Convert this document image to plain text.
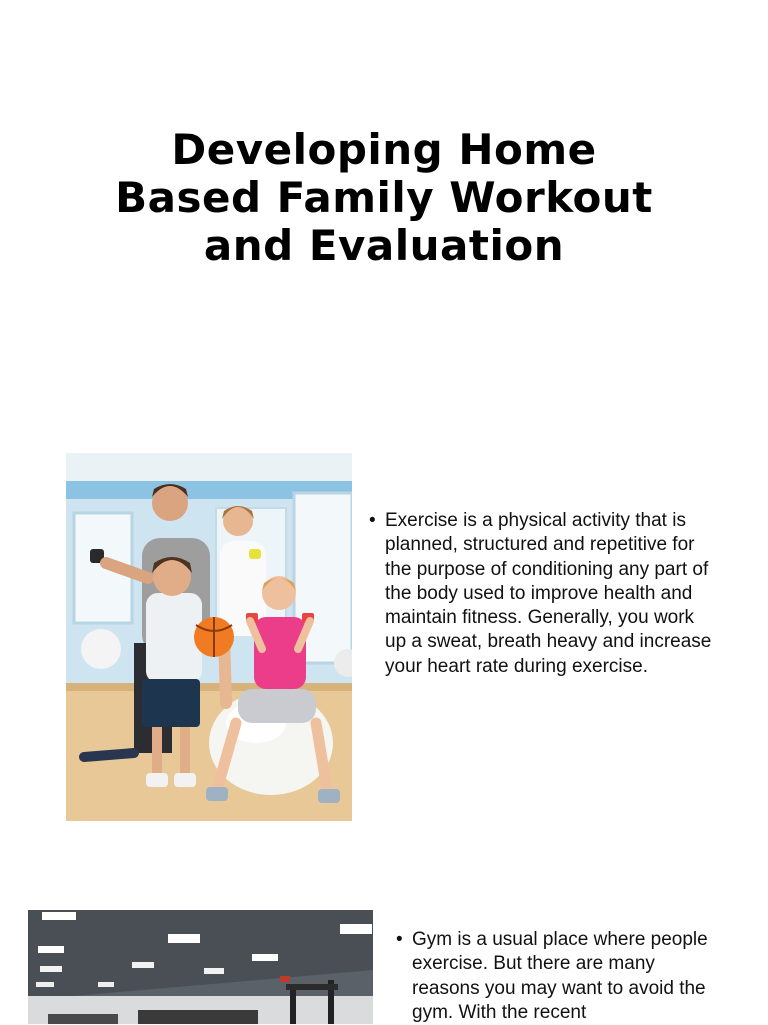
Developing Home
Based Family Workout
and Evaluation
• Exercise is a physical activity that is planned, structured and repetitive for the purpose of conditioning any part of the body used to improve health and maintain fitness. Generally, you work up a sweat, breath heavy and increase your heart rate during exercise.
• Gym is a usual place where people exercise. But there are many reasons you may want to avoid the gym. With the recent
